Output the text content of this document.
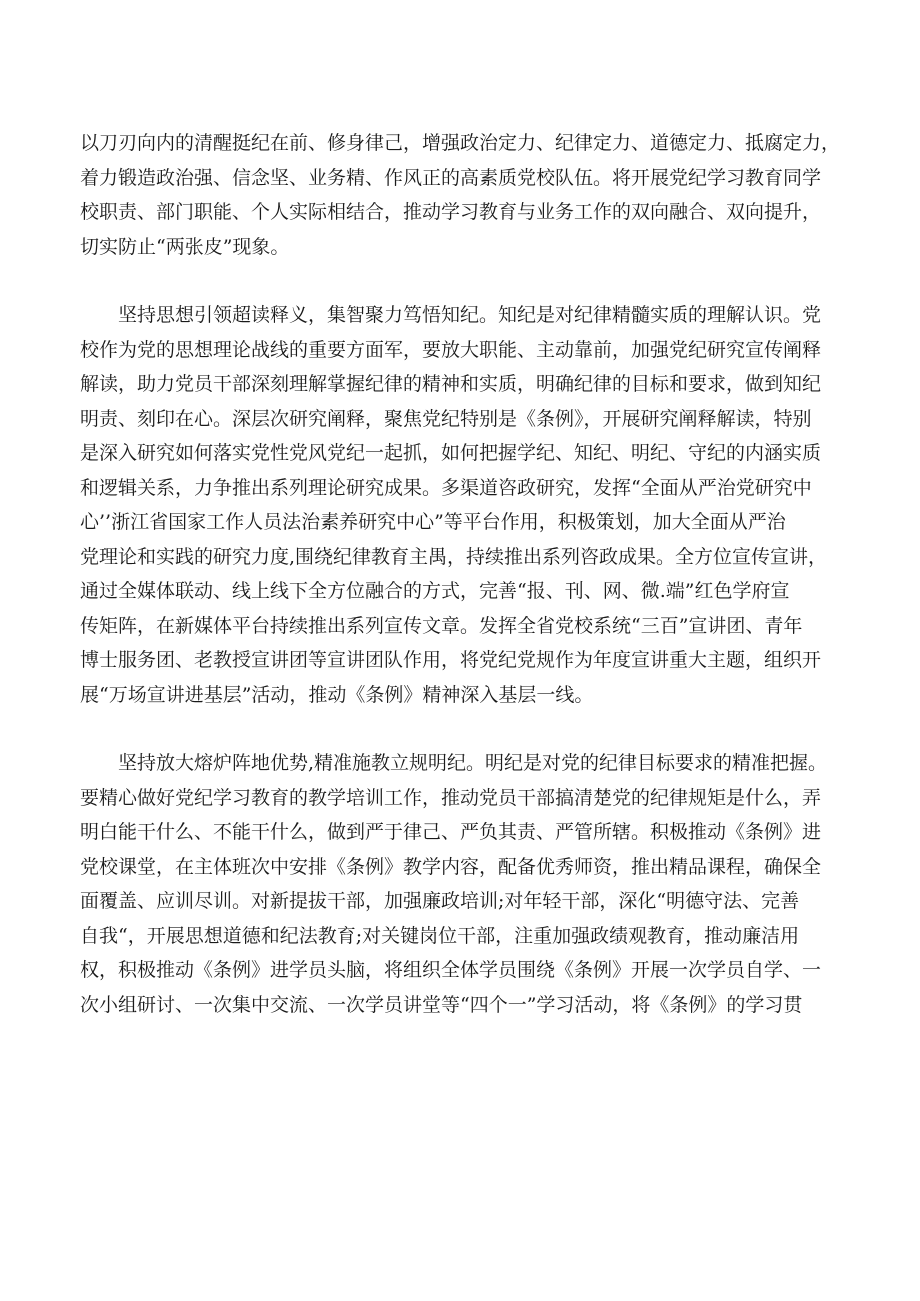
以刀刃向内的清醒挺纪在前、修身律己，增强政治定力、纪律定力、道德定力、抵腐定力，
着力锻造政治强、信念坚、业务精、作风正的高素质党校队伍。将开展党纪学习教育同学
校职责、部门职能、个人实际相结合，推动学习教育与业务工作的双向融合、双向提升，
切实防止“两张皮”现象。

坚持思想引领超读释义，集智聚力笃悟知纪。知纪是对纪律精髓实质的理解认识。党
校作为党的思想理论战线的重要方面军，要放大职能、主动靠前，加强党纪研究宣传阐释
解读，助力党员干部深刻理解掌握纪律的精神和实质，明确纪律的目标和要求，做到知纪
明责、刻印在心。深层次研究阐释，聚焦党纪特别是《条例》，开展研究阐释解读，特别
是深入研究如何落实党性党风党纪一起抓，如何把握学纪、知纪、明纪、守纪的内涵实质
和逻辑关系，力争推出系列理论研究成果。多渠道咨政研究，发挥“全面从严治党研究中
心’’浙江省国家工作人员法治素养研究中心”等平台作用，积极策划，加大全面从严治
党理论和实践的研究力度,围绕纪律教育主禺，持续推出系列咨政成果。全方位宣传宣讲，
通过全媒体联动、线上线下全方位融合的方式，完善“报、刊、网、微.端”红色学府宣
传矩阵，在新媒体平台持续推出系列宣传文章。发挥全省党校系统“三百”宣讲团、青年
博士服务团、老教授宣讲团等宣讲团队作用，将党纪党规作为年度宣讲重大主题，组织开
展“万场宣讲进基层”活动，推动《条例》精神深入基层一线。

坚持放大熔炉阵地优势,精准施教立规明纪。明纪是对党的纪律目标要求的精准把握。
要精心做好党纪学习教育的教学培训工作，推动党员干部搞清楚党的纪律规矩是什么，弄
明白能干什么、不能干什么，做到严于律己、严负其责、严管所辖。积极推动《条例》进
党校课堂，在主体班次中安排《条例》教学内容，配备优秀师资，推出精品课程，确保全
面覆盖、应训尽训。对新提拔干部，加强廉政培训;对年轻干部，深化“明德守法、完善
自我“，开展思想道德和纪法教育;对关键岗位干部，注重加强政绩观教育，推动廉洁用
权，积极推动《条例》进学员头脑，将组织全体学员围绕《条例》开展一次学员自学、一
次小组研讨、一次集中交流、一次学员讲堂等“四个一”学习活动，将《条例》的学习贯
